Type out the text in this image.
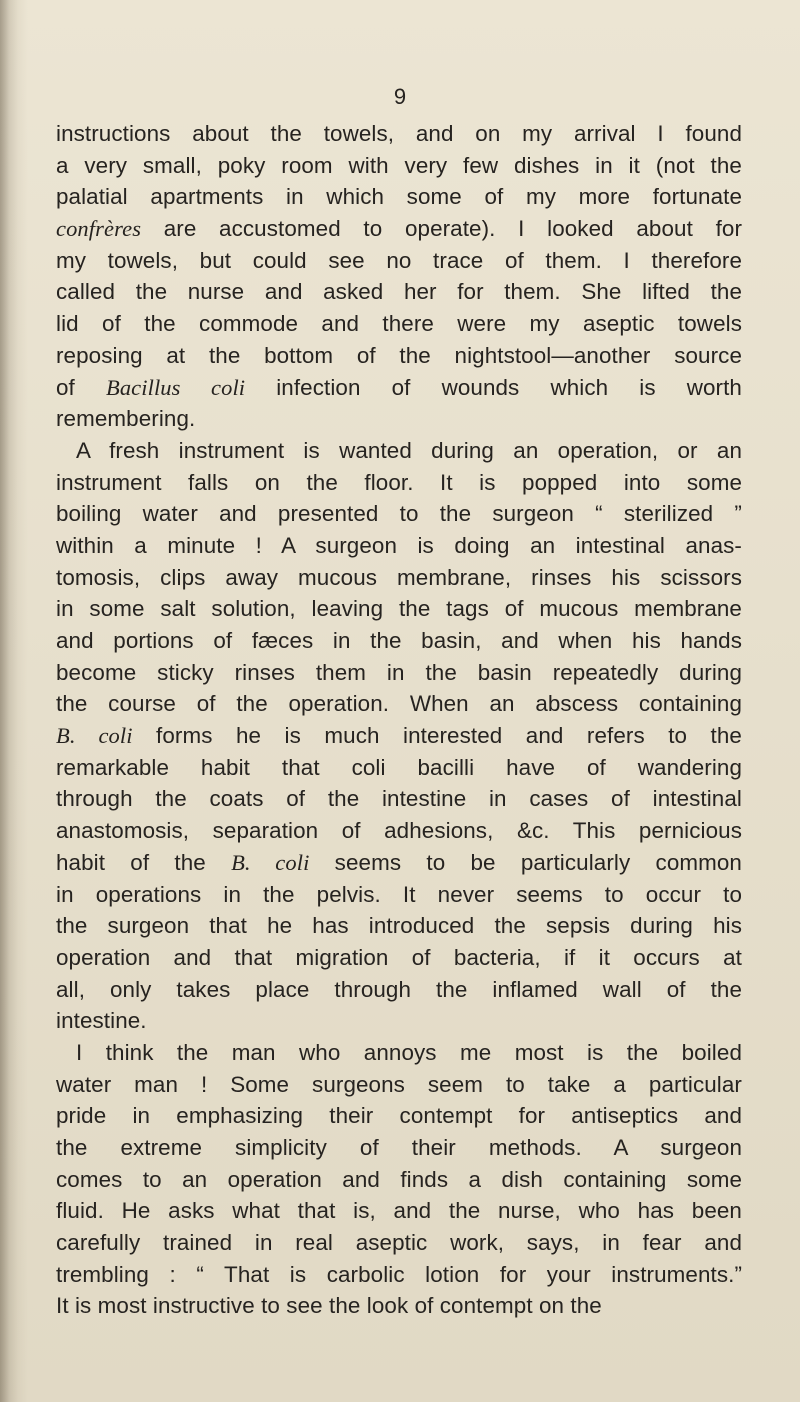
9
instructions about the towels, and on my arrival I found
a very small, poky room with very few dishes in it (not the
palatial apartments in which some of my more fortunate
confrères are accustomed to operate). I looked about for
my towels, but could see no trace of them. I therefore
called the nurse and asked her for them. She lifted the
lid of the commode and there were my aseptic towels
reposing at the bottom of the nightstool—another source
of Bacillus coli infection of wounds which is worth
remembering.
A fresh instrument is wanted during an operation, or an
instrument falls on the floor. It is popped into some
boiling water and presented to the surgeon “ sterilized ”
within a minute ! A surgeon is doing an intestinal anas-
tomosis, clips away mucous membrane, rinses his scissors
in some salt solution, leaving the tags of mucous membrane
and portions of fæces in the basin, and when his hands
become sticky rinses them in the basin repeatedly during
the course of the operation. When an abscess containing
B. coli forms he is much interested and refers to the
remarkable habit that coli bacilli have of wandering
through the coats of the intestine in cases of intestinal
anastomosis, separation of adhesions, &c. This pernicious
habit of the B. coli seems to be particularly common
in operations in the pelvis. It never seems to occur to
the surgeon that he has introduced the sepsis during his
operation and that migration of bacteria, if it occurs at
all, only takes place through the inflamed wall of the
intestine.
I think the man who annoys me most is the boiled
water man ! Some surgeons seem to take a particular
pride in emphasizing their contempt for antiseptics and
the extreme simplicity of their methods. A surgeon
comes to an operation and finds a dish containing some
fluid. He asks what that is, and the nurse, who has been
carefully trained in real aseptic work, says, in fear and
trembling : “ That is carbolic lotion for your instruments.”
It is most instructive to see the look of contempt on the
